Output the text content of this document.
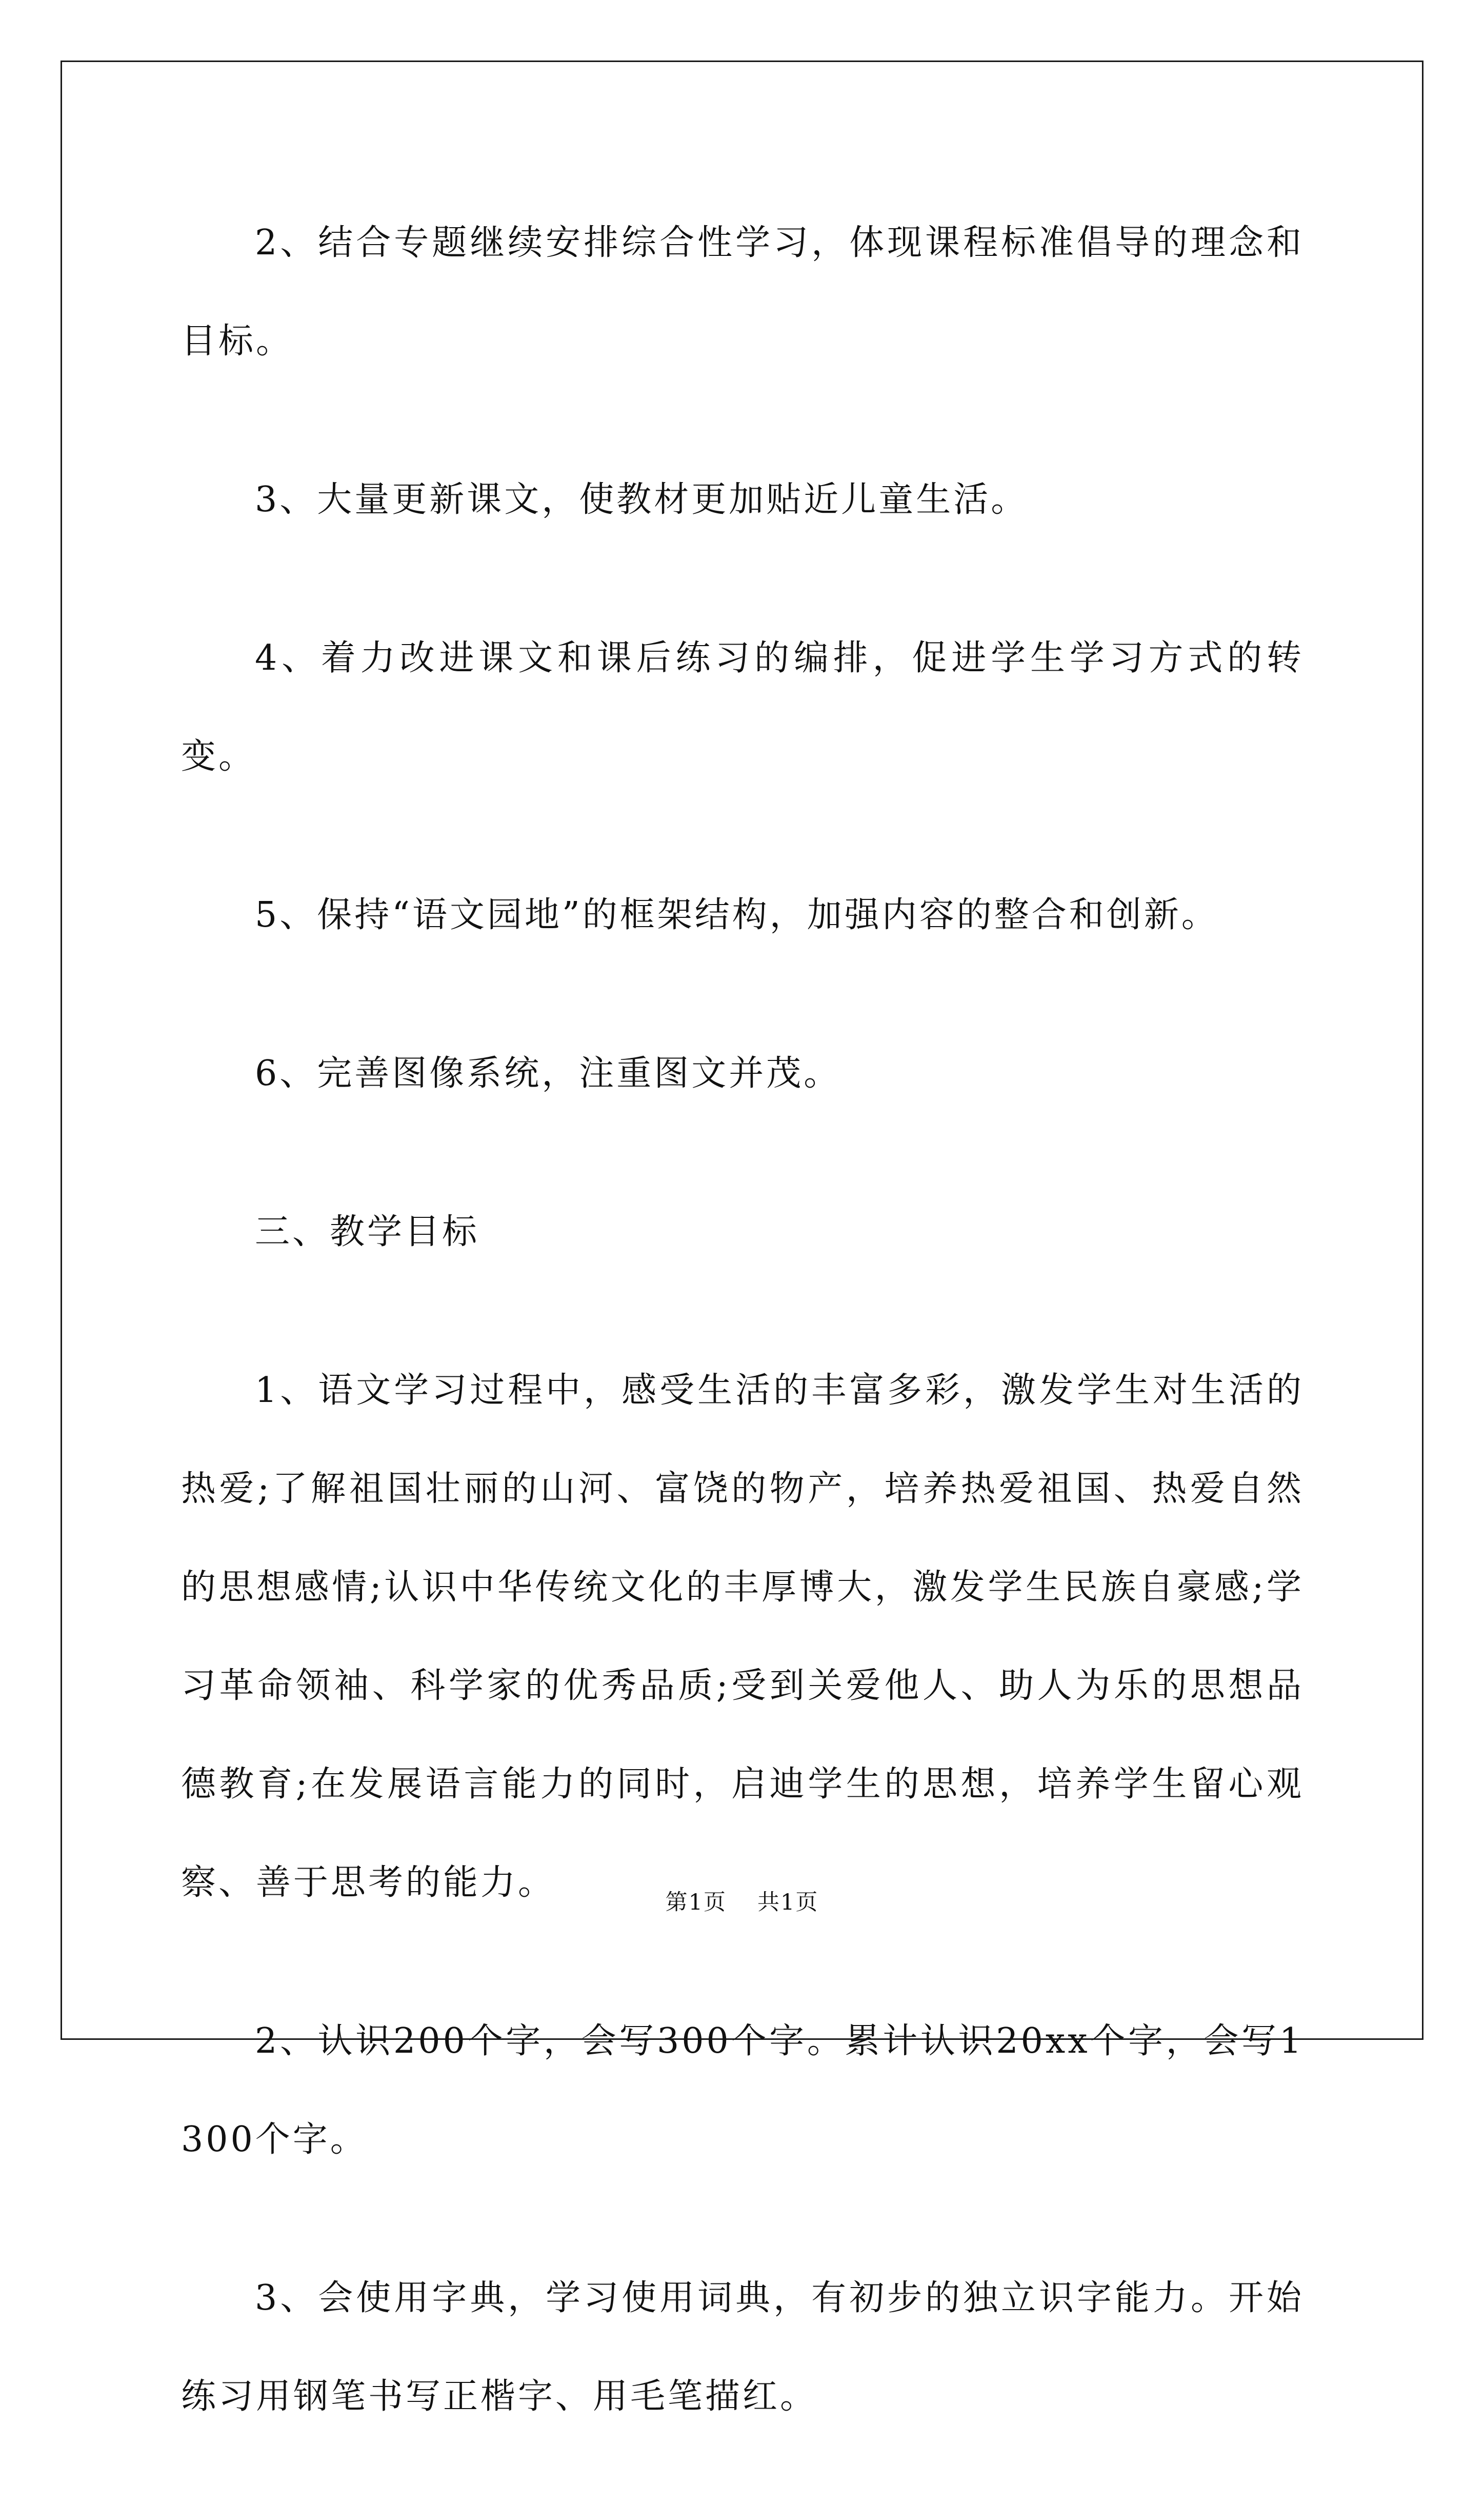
2、结合专题继续安排综合性学习，体现课程标准倡导的理念和目标。

3、大量更新课文，使教材更加贴近儿童生活。

4、着力改进课文和课后练习的编排，促进学生学习方式的转变。

5、保持“语文园地”的框架结构，加强内容的整合和创新。

6、完善图像系统，注重图文并茂。

三、教学目标

1、语文学习过程中，感受生活的丰富多彩，激发学生对生活的热爱;了解祖国壮丽的山河、富饶的物产，培养热爱祖国、热爱自然的思想感情;认识中华传统文化的丰厚博大，激发学生民族自豪感;学习革命领袖、科学家的优秀品质;受到关爱他人、助人为乐的思想品德教育;在发展语言能力的同时，启迪学生的思想，培养学生留心观察、善于思考的能力。

2、认识200个字，会写300个字。累计认识20xx个字，会写1300个字。

3、会使用字典，学习使用词典，有初步的独立识字能力。开始练习用钢笔书写正楷字、用毛笔描红。

第1页 共1页
